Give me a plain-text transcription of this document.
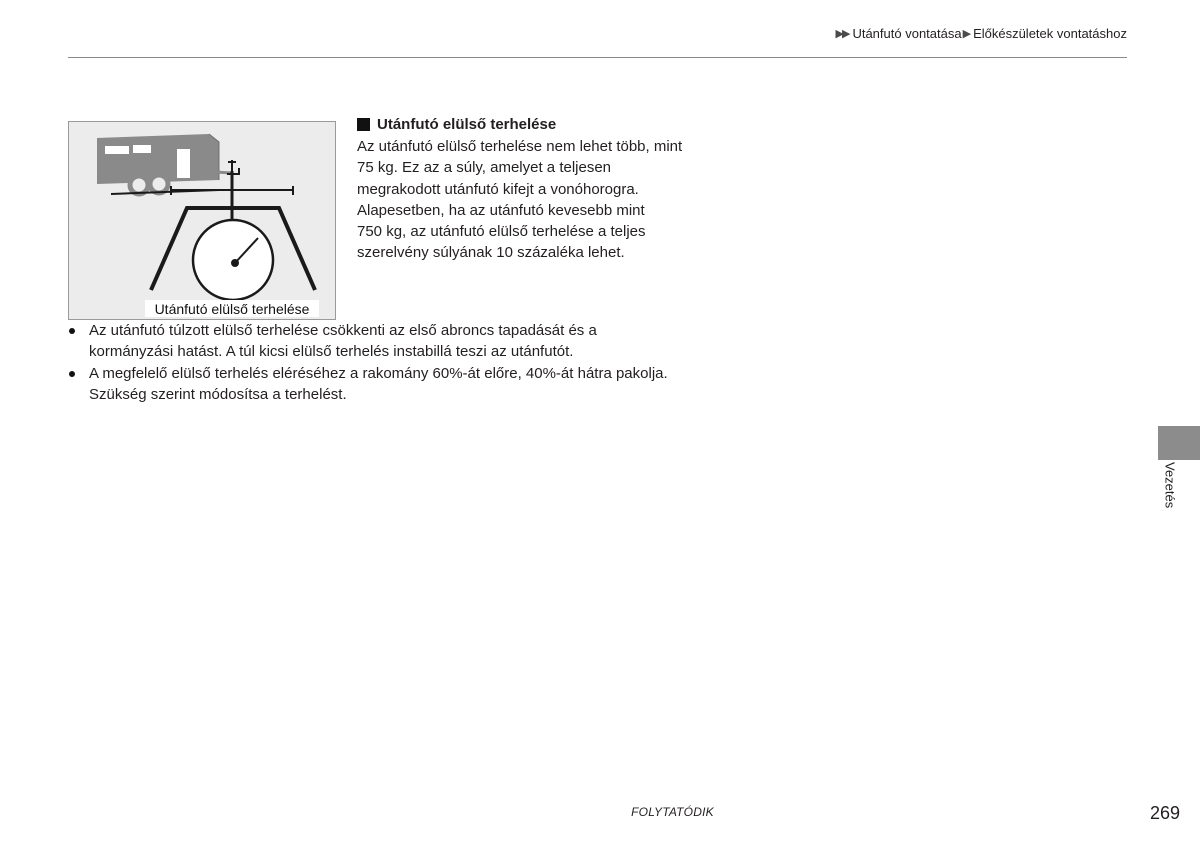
▶▶ Utánfutó vontatása ▶ Előkészületek vontatáshoz
Utánfutó elülső terhelése
Utánfutó elülső terhelése
Az utánfutó elülső terhelése nem lehet több, mint
75 kg. Ez az a súly, amelyet a teljesen
megrakodott utánfutó kifejt a vonóhorogra.
Alapesetben, ha az utánfutó kevesebb mint
750 kg, az utánfutó elülső terhelése a teljes
szerelvény súlyának 10 százaléka lehet.
Az utánfutó túlzott elülső terhelése csökkenti az első abroncs tapadását és a
kormányzási hatást. A túl kicsi elülső terhelés instabillá teszi az utánfutót.
A megfelelő elülső terhelés eléréséhez a rakomány 60%-át előre, 40%-át hátra pakolja.
Szükség szerint módosítsa a terhelést.
Vezetés
FOLYTATÓDIK	269
